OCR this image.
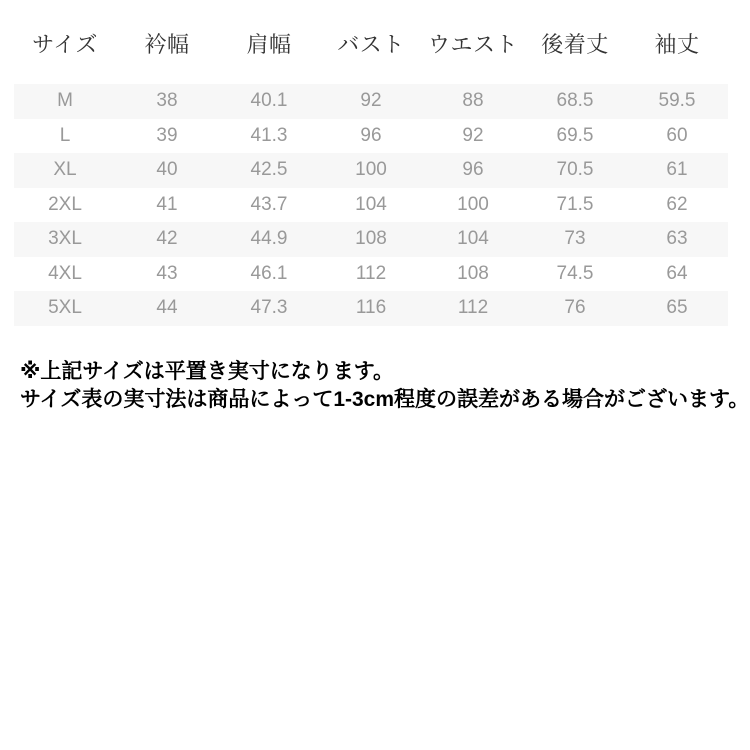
サイズ	衿幅	肩幅	バスト	ウエスト	後着丈	袖丈
M	38	40.1	92	88	68.5	59.5
L	39	41.3	96	92	69.5	60
XL	40	42.5	100	96	70.5	61
2XL	41	43.7	104	100	71.5	62
3XL	42	44.9	108	104	73	63
4XL	43	46.1	112	108	74.5	64
5XL	44	47.3	116	112	76	65

※上記サイズは平置き実寸になります。

サイズ表の実寸法は商品によって1-3cm程度の誤差がある場合がございます。
